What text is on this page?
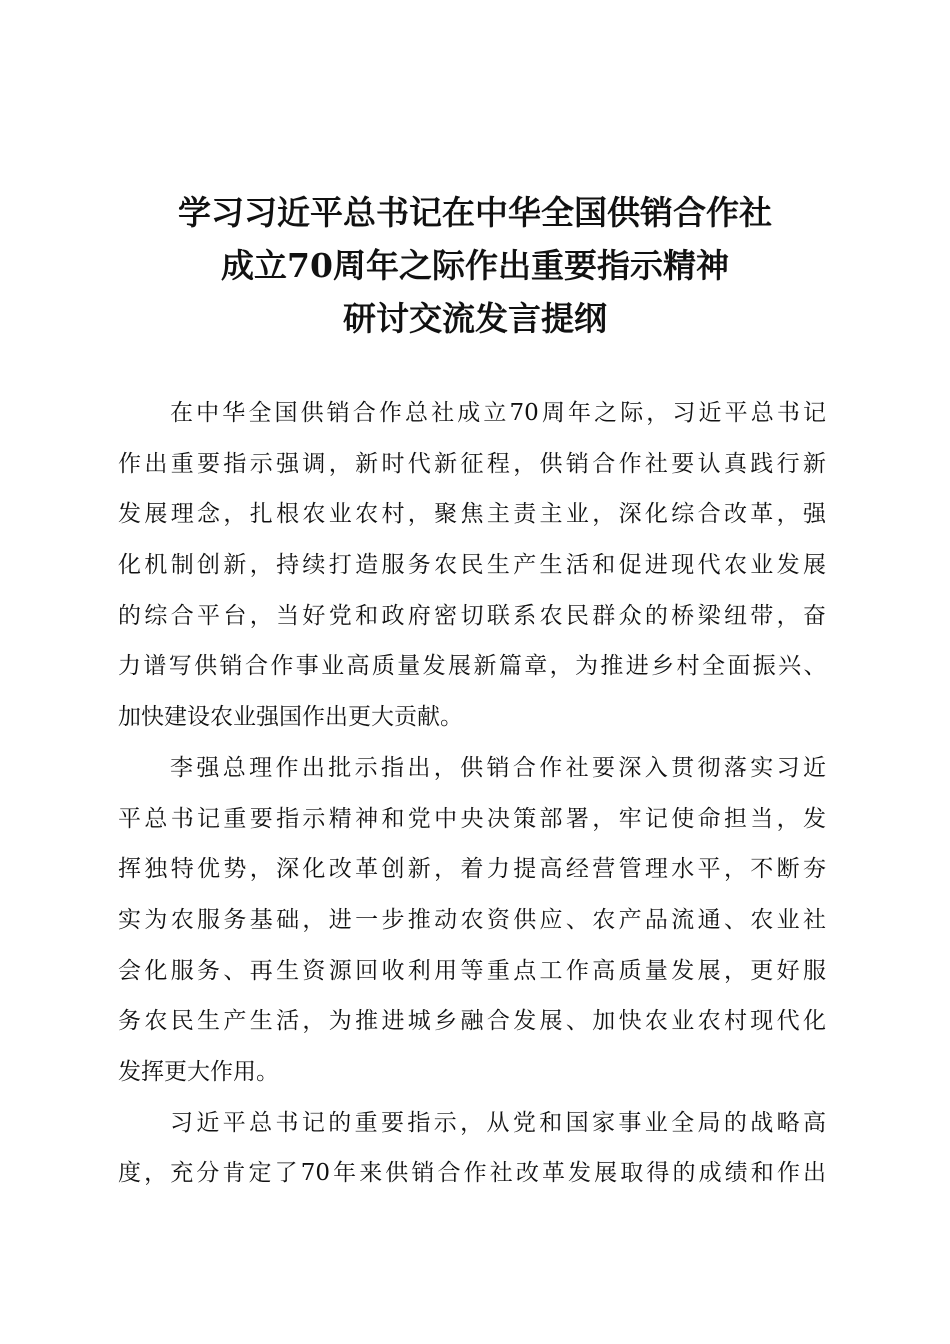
学习习近平总书记在中华全国供销合作社
成立70周年之际作出重要指示精神
研讨交流发言提纲
在中华全国供销合作总社成立70周年之际，习近平总书记
作出重要指示强调，新时代新征程，供销合作社要认真践行新
发展理念，扎根农业农村，聚焦主责主业，深化综合改革，强
化机制创新，持续打造服务农民生产生活和促进现代农业发展
的综合平台，当好党和政府密切联系农民群众的桥梁纽带，奋
力谱写供销合作事业高质量发展新篇章，为推进乡村全面振兴、
加快建设农业强国作出更大贡献。
李强总理作出批示指出，供销合作社要深入贯彻落实习近
平总书记重要指示精神和党中央决策部署，牢记使命担当，发
挥独特优势，深化改革创新，着力提高经营管理水平，不断夯
实为农服务基础，进一步推动农资供应、农产品流通、农业社
会化服务、再生资源回收利用等重点工作高质量发展，更好服
务农民生产生活，为推进城乡融合发展、加快农业农村现代化
发挥更大作用。
习近平总书记的重要指示，从党和国家事业全局的战略高
度，充分肯定了70年来供销合作社改革发展取得的成绩和作出
